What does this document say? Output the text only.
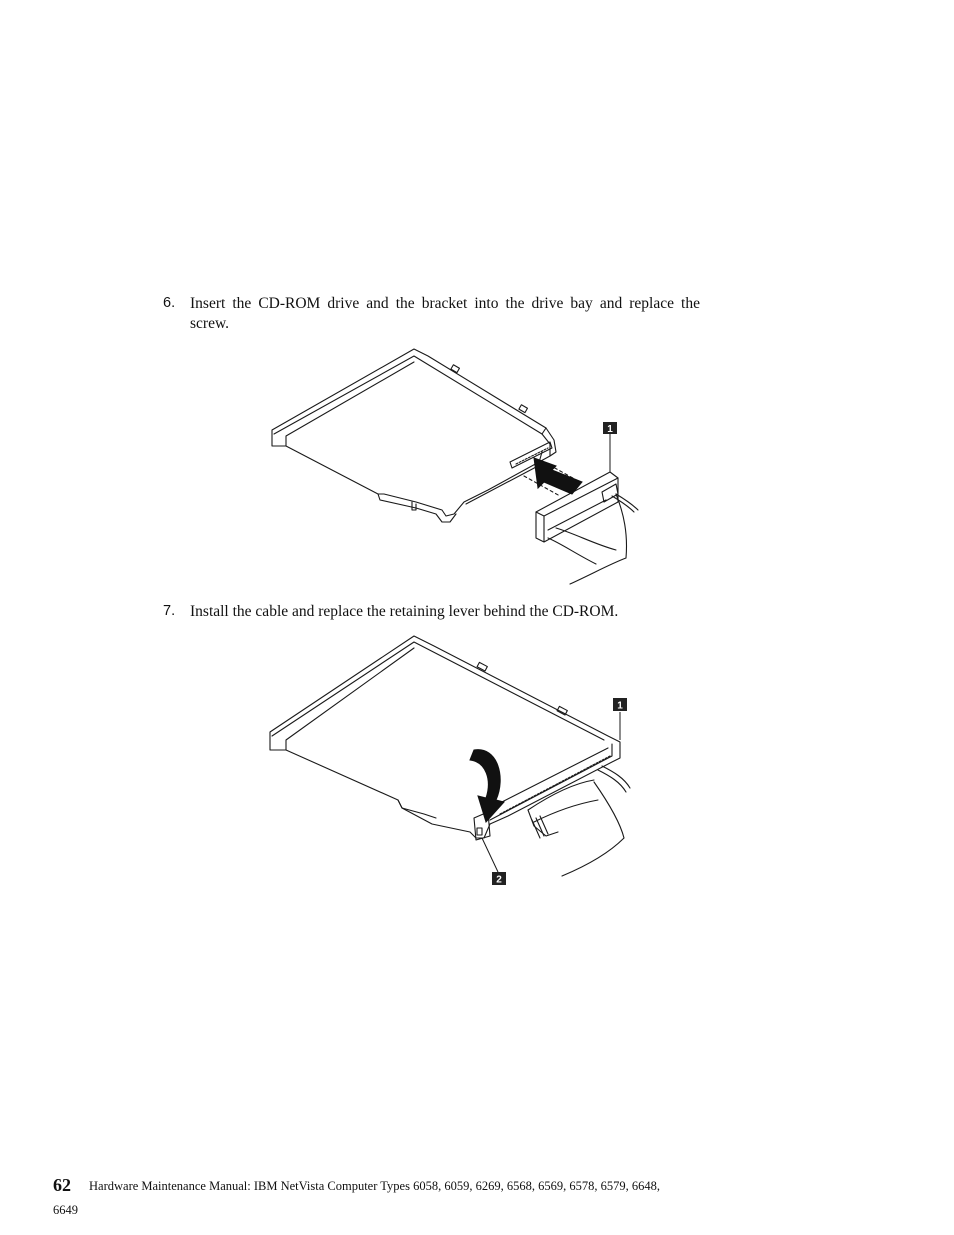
6. Insert the CD-ROM drive and the bracket into the drive bay and replace the screw.
1
7. Install the cable and replace the retaining lever behind the CD-ROM.
1
2
62 Hardware Maintenance Manual: IBM NetVista Computer Types 6058, 6059, 6269, 6568, 6569, 6578, 6579, 6648,
6649
